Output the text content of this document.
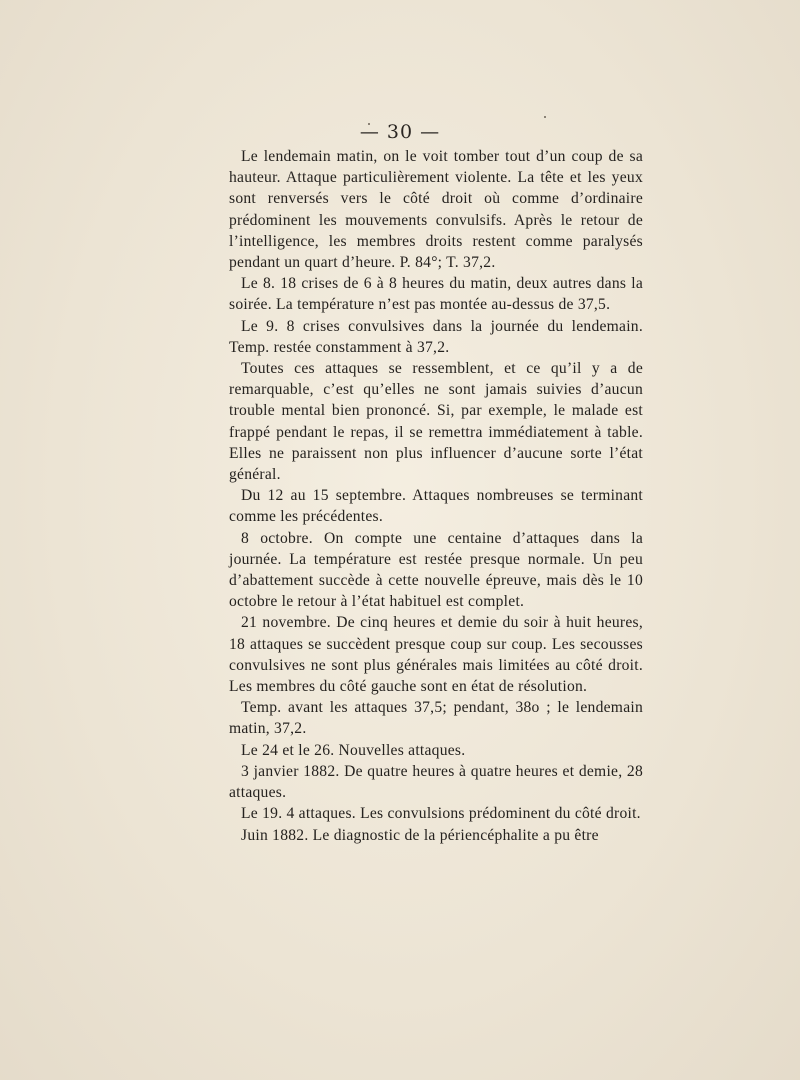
— 30 —

Le lendemain matin, on le voit tomber tout d’un coup de sa hauteur. Attaque particulièrement violente. La tête et les yeux sont renversés vers le côté droit où comme d’ordinaire prédominent les mouvements convulsifs. Après le retour de l’intelligence, les membres droits restent comme paralysés pendant un quart d’heure. P. 84°; T. 37,2.

Le 8. 18 crises de 6 à 8 heures du matin, deux autres dans la soirée. La température n’est pas montée au-dessus de 37,5.

Le 9. 8 crises convulsives dans la journée du lendemain. Temp. restée constamment à 37,2.

Toutes ces attaques se ressemblent, et ce qu’il y a de remarquable, c’est qu’elles ne sont jamais suivies d’aucun trouble mental bien prononcé. Si, par exemple, le malade est frappé pendant le repas, il se remettra immédiatement à table. Elles ne paraissent non plus influencer d’aucune sorte l’état général.

Du 12 au 15 septembre. Attaques nombreuses se terminant comme les précédentes.

8 octobre. On compte une centaine d’attaques dans la journée. La température est restée presque normale. Un peu d’abattement succède à cette nouvelle épreuve, mais dès le 10 octobre le retour à l’état habituel est complet.

21 novembre. De cinq heures et demie du soir à huit heures, 18 attaques se succèdent presque coup sur coup. Les secousses convulsives ne sont plus générales mais limitées au côté droit. Les membres du côté gauche sont en état de résolution.

Temp. avant les attaques 37,5; pendant, 38o ; le lendemain matin, 37,2.

Le 24 et le 26. Nouvelles attaques.

3 janvier 1882. De quatre heures à quatre heures et demie, 28 attaques.

Le 19. 4 attaques. Les convulsions prédominent du côté droit.

Juin 1882. Le diagnostic de la périencéphalite a pu être
